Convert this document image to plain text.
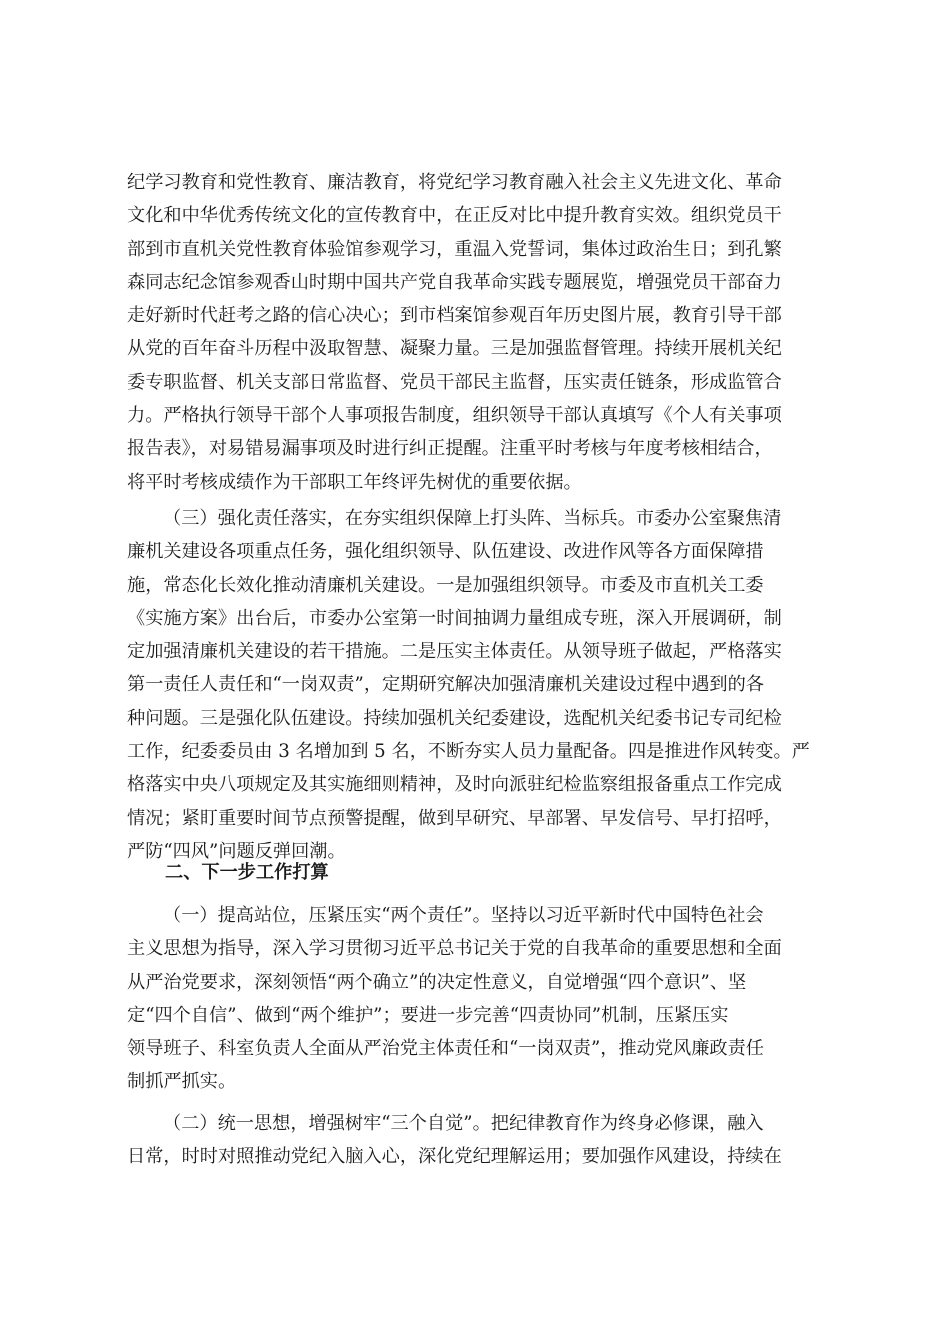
纪学习教育和党性教育、廉洁教育，将党纪学习教育融入社会主义先进文化、革命
文化和中华优秀传统文化的宣传教育中，在正反对比中提升教育实效。组织党员干
部到市直机关党性教育体验馆参观学习，重温入党誓词，集体过政治生日；到孔繁
森同志纪念馆参观香山时期中国共产党自我革命实践专题展览，增强党员干部奋力
走好新时代赶考之路的信心决心；到市档案馆参观百年历史图片展，教育引导干部
从党的百年奋斗历程中汲取智慧、凝聚力量。三是加强监督管理。持续开展机关纪
委专职监督、机关支部日常监督、党员干部民主监督，压实责任链条，形成监管合
力。严格执行领导干部个人事项报告制度，组织领导干部认真填写《个人有关事项
报告表》，对易错易漏事项及时进行纠正提醒。注重平时考核与年度考核相结合，
将平时考核成绩作为干部职工年终评先树优的重要依据。
（三）强化责任落实，在夯实组织保障上打头阵、当标兵。市委办公室聚焦清
廉机关建设各项重点任务，强化组织领导、队伍建设、改进作风等各方面保障措
施，常态化长效化推动清廉机关建设。一是加强组织领导。市委及市直机关工委
《实施方案》出台后，市委办公室第一时间抽调力量组成专班，深入开展调研，制
定加强清廉机关建设的若干措施。二是压实主体责任。从领导班子做起，严格落实
第一责任人责任和“一岗双责”，定期研究解决加强清廉机关建设过程中遇到的各
种问题。三是强化队伍建设。持续加强机关纪委建设，选配机关纪委书记专司纪检
工作，纪委委员由 3 名增加到 5 名，不断夯实人员力量配备。四是推进作风转变。严
格落实中央八项规定及其实施细则精神，及时向派驻纪检监察组报备重点工作完成
情况；紧盯重要时间节点预警提醒，做到早研究、早部署、早发信号、早打招呼，
严防“四风”问题反弹回潮。
二、下一步工作打算
（一）提高站位，压紧压实“两个责任”。坚持以习近平新时代中国特色社会
主义思想为指导，深入学习贯彻习近平总书记关于党的自我革命的重要思想和全面
从严治党要求，深刻领悟“两个确立”的决定性意义，自觉增强“四个意识”、坚
定“四个自信”、做到“两个维护”；要进一步完善“四责协同”机制，压紧压实
领导班子、科室负责人全面从严治党主体责任和“一岗双责”，推动党风廉政责任
制抓严抓实。
（二）统一思想，增强树牢“三个自觉”。把纪律教育作为终身必修课，融入
日常，时时对照推动党纪入脑入心，深化党纪理解运用；要加强作风建设，持续在
